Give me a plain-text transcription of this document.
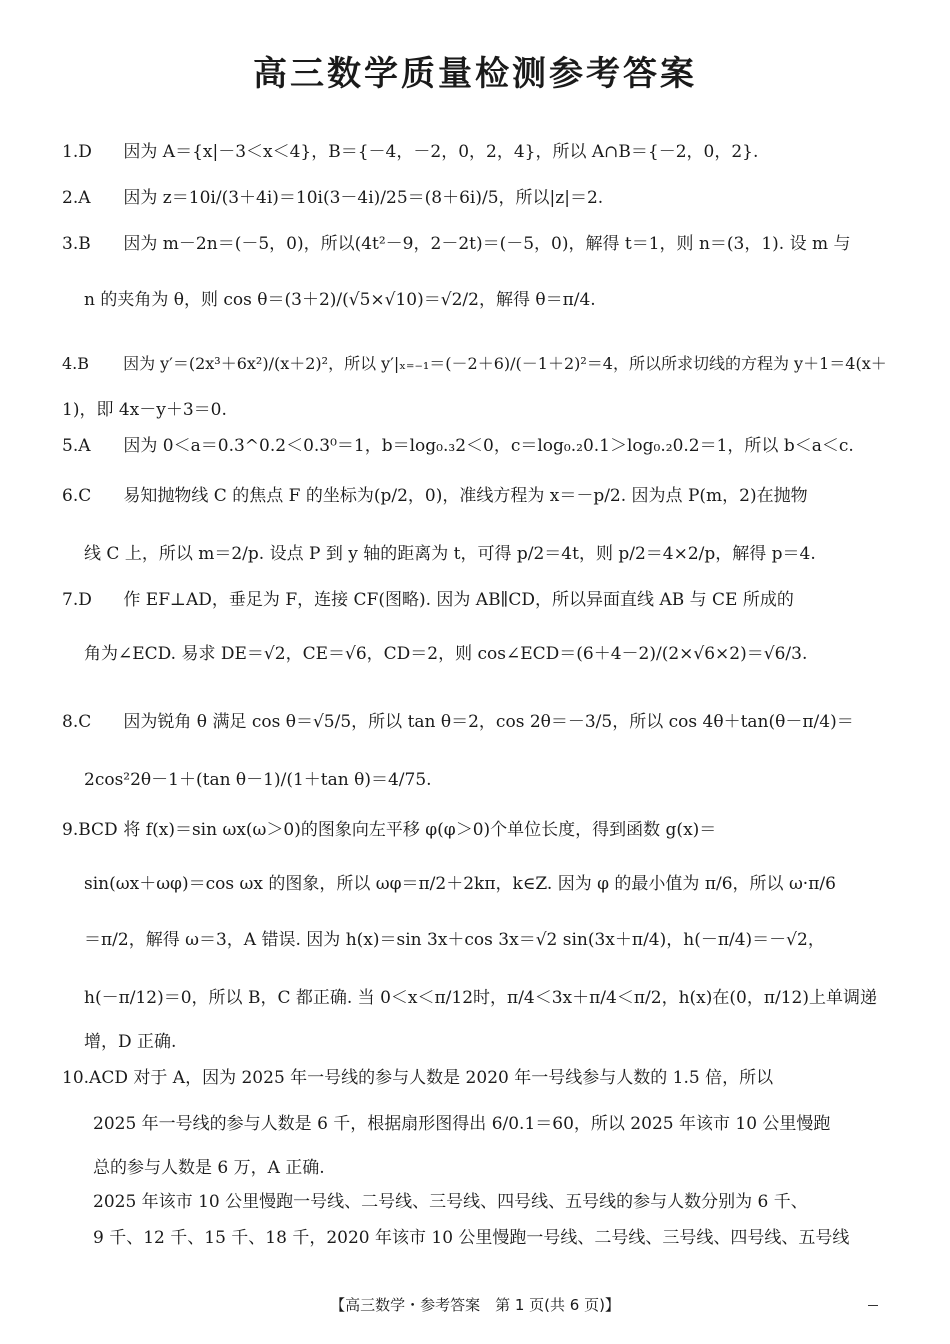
高三数学质量检测参考答案
1.D 因为 A＝{x|－3＜x＜4}，B＝{－4，－2，0，2，4}，所以 A∩B＝{－2，0，2}.
2.A 因为 z＝10i/(3＋4i)＝10i(3－4i)/25＝(8＋6i)/5，所以|z|＝2.
3.B 因为 m－2n＝(－5，0)，所以(4t²－9，2－2t)＝(－5，0)，解得 t＝1，则 n＝(3，1). 设 m 与
n 的夹角为 θ，则 cos θ＝(3＋2)/(√5×√10)＝√2/2，解得 θ＝π/4.
4.B 因为 y′＝(2x³＋6x²)/(x＋2)²，所以 y′|ₓ₌₋₁＝(－2＋6)/(－1＋2)²＝4，所以所求切线的方程为 y＋1＝4(x＋
1)，即 4x－y＋3＝0.
5.A 因为 0＜a＝0.3^0.2＜0.3⁰＝1，b＝log₀.₃2＜0，c＝log₀.₂0.1＞log₀.₂0.2＝1，所以 b＜a＜c.
6.C 易知抛物线 C 的焦点 F 的坐标为(p/2，0)，准线方程为 x＝－p/2. 因为点 P(m，2)在抛物
线 C 上，所以 m＝2/p. 设点 P 到 y 轴的距离为 t，可得 p/2＝4t，则 p/2＝4×2/p，解得 p＝4.
7.D 作 EF⊥AD，垂足为 F，连接 CF(图略). 因为 AB∥CD，所以异面直线 AB 与 CE 所成的
角为∠ECD. 易求 DE＝√2，CE＝√6，CD＝2，则 cos∠ECD＝(6＋4－2)/(2×√6×2)＝√6/3.
8.C 因为锐角 θ 满足 cos θ＝√5/5，所以 tan θ＝2，cos 2θ＝－3/5，所以 cos 4θ＋tan(θ－π/4)＝
2cos²2θ－1＋(tan θ－1)/(1＋tan θ)＝4/75.
9.BCD 将 f(x)＝sin ωx(ω＞0)的图象向左平移 φ(φ＞0)个单位长度，得到函数 g(x)＝
sin(ωx＋ωφ)＝cos ωx 的图象，所以 ωφ＝π/2＋2kπ，k∈Z. 因为 φ 的最小值为 π/6，所以 ω·π/6
＝π/2，解得 ω＝3，A 错误. 因为 h(x)＝sin 3x＋cos 3x＝√2 sin(3x＋π/4)，h(－π/4)＝－√2，
h(－π/12)＝0，所以 B，C 都正确. 当 0＜x＜π/12时，π/4＜3x＋π/4＜π/2，h(x)在(0，π/12)上单调递
增，D 正确.
10.ACD 对于 A，因为 2025 年一号线的参与人数是 2020 年一号线参与人数的 1.5 倍，所以
2025 年一号线的参与人数是 6 千，根据扇形图得出 6/0.1＝60，所以 2025 年该市 10 公里慢跑
总的参与人数是 6 万，A 正确.
2025 年该市 10 公里慢跑一号线、二号线、三号线、四号线、五号线的参与人数分别为 6 千、
9 千、12 千、15 千、18 千，2020 年该市 10 公里慢跑一号线、二号线、三号线、四号线、五号线
【高三数学・参考答案　第 1 页(共 6 页)】
